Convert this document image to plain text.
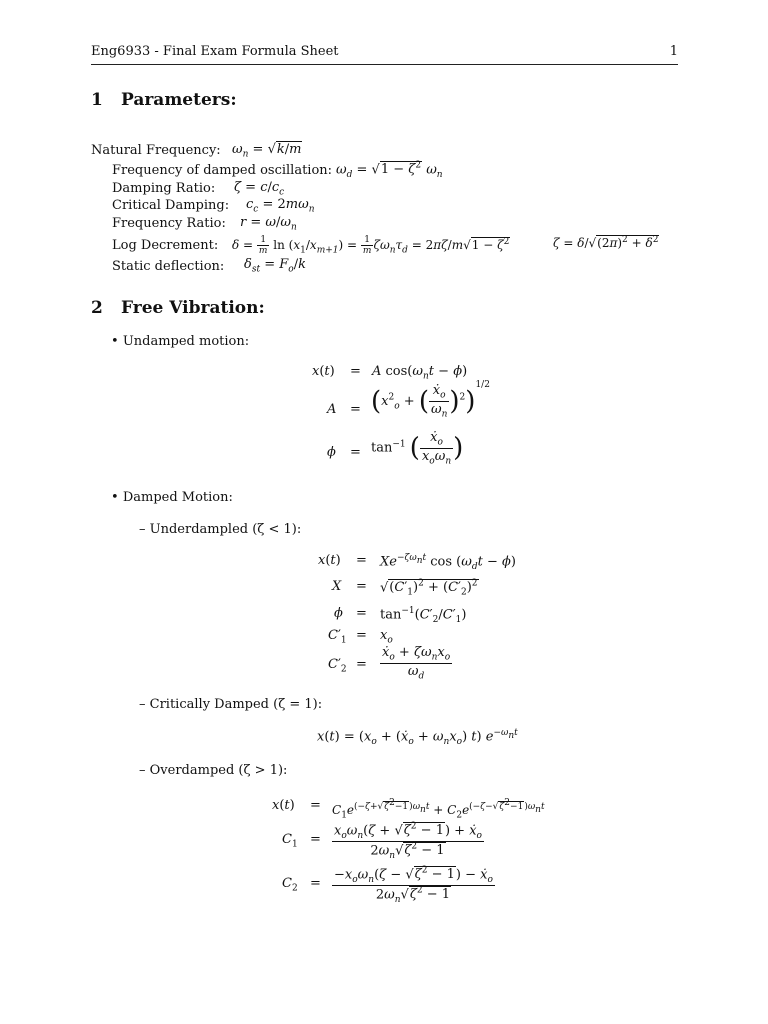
Eng6933 - Final Exam Formula Sheet	1
1 Parameters:
Natural Frequency: $\omega_n = √k/m$
Frequency of damped oscillation: $\omega_d = √1 - \zeta^2$ $\omega_n$
Damping Ratio: $\zeta = c/c_c$
Critical Damping: $c_c = 2m\omega_n$
Frequency Ratio: $r = \omega/\omega_n$
Log Decrement: $\delta = \frac{1}{m}$ $\ln (x_1/x_{m+1}) = \frac{1}{m} \zeta\omega_n\tau_d = 2\pi\zeta/m√1 - \zeta^2$	$\zeta = \delta/√(2\pi)^2 + \delta^2$
Static deflection: $\delta_{st} = F_o/k$
2 Free Vibration:
• Undamped motion:
x(t) = A $\cos(\omega_nt - \phi)$
$A = (x^2_o$ + ( $\frac{ẋ_o}{\omega_n} )^2)^{1/2}$
$\phi = \tan^{-1}$ ( $\frac{ẋ_o}{x_o\omega_n}$ )
• Damped Motion:
– Underdampled (ζ < 1):
$x(t) = Xe^{-\zeta\omega_nt}$ $\cos (\omega_dt - \phi)$
$X = √(C'_1)^2 + (C'_2)^2$
$\phi = \tan^{-1}(C'_2/C'_1)$
$C'_1 = x_o$
$C'_2 = \frac{ẋ_o + \zeta\omega_nx_o}{\omega_d}$
– Critically Damped (ζ = 1):
$x(t) = (x_o$ + (ẋ$_o$ + $\omega_nx_o$) t) $e^{-\omega_nt}$
– Overdamped (ζ > 1):
$x(t) = C_1e^{(-\zeta+√\zeta^2-1)\omega_nt} + C_2e^{(-\zeta-√\zeta^2-1)\omega_nt}$
$C_1 = \frac{x_o\omega_n(\zeta + √\zeta^2 - 1) + ẋ_o}{2\omega_n√\zeta^2 - 1}$
$C_2 = \frac{-x_o\omega_n(\zeta - √\zeta^2 - 1) - ẋ_o}{2\omega_n√\zeta^2 - 1}$
